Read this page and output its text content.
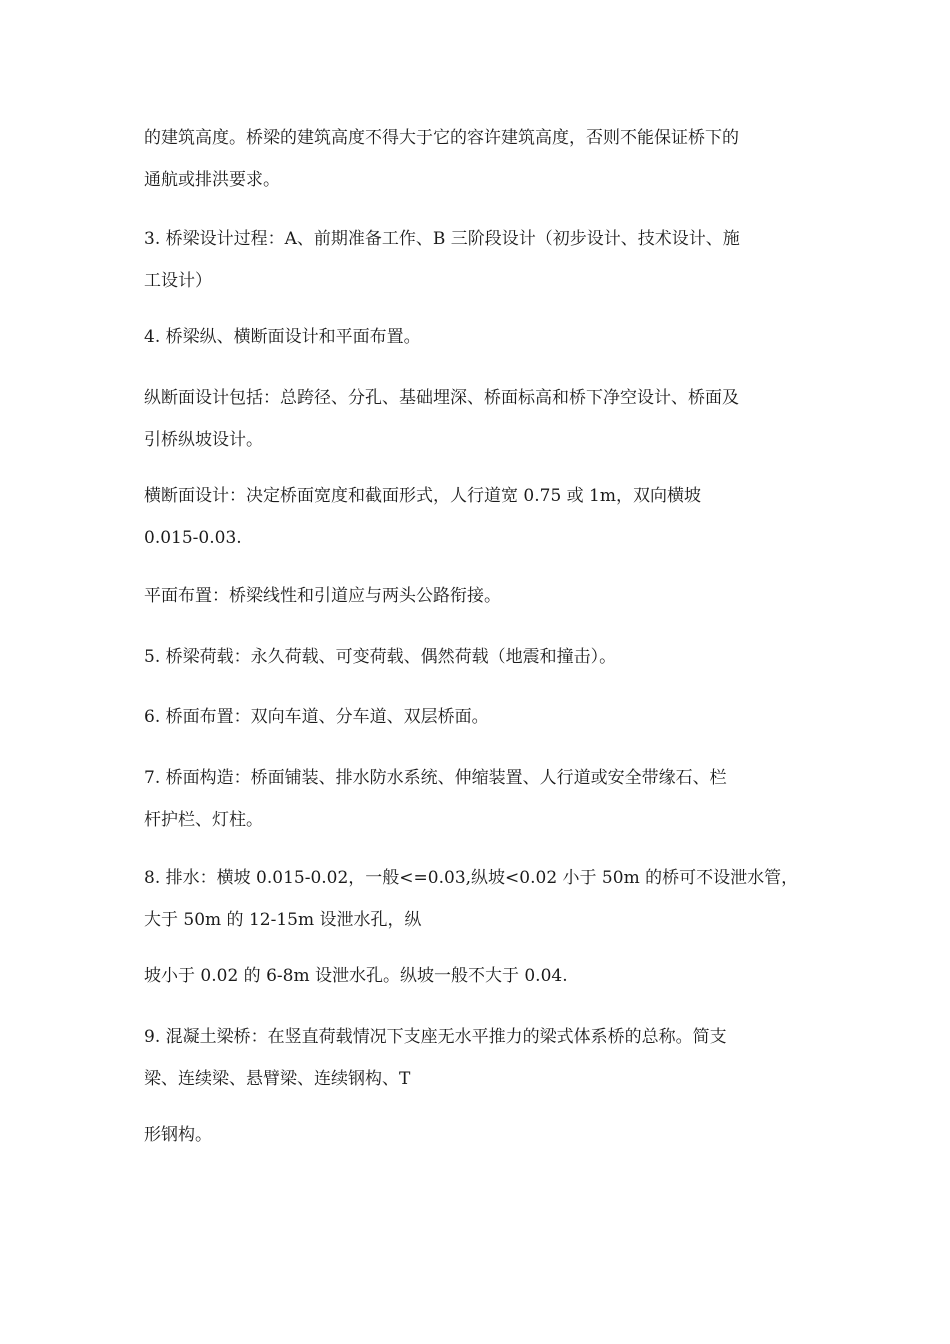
的建筑高度。桥梁的建筑高度不得大于它的容许建筑高度，否则不能保证桥下的
通航或排洪要求。

3. 桥梁设计过程：A、前期准备工作、B 三阶段设计（初步设计、技术设计、施
工设计）

4. 桥梁纵、横断面设计和平面布置。

纵断面设计包括：总跨径、分孔、基础埋深、桥面标高和桥下净空设计、桥面及
引桥纵坡设计。

横断面设计：决定桥面宽度和截面形式，人行道宽 0.75 或 1m，双向横坡
0.015-0.03.

平面布置：桥梁线性和引道应与两头公路衔接。

5. 桥梁荷载：永久荷载、可变荷载、偶然荷载（地震和撞击）。

6. 桥面布置：双向车道、分车道、双层桥面。

7. 桥面构造：桥面铺装、排水防水系统、伸缩装置、人行道或安全带缘石、栏
杆护栏、灯柱。

8. 排水：横坡 0.015-0.02，一般<=0.03,纵坡<0.02 小于 50m 的桥可不设泄水管，
大于 50m 的 12-15m 设泄水孔，纵

坡小于 0.02 的 6-8m 设泄水孔。纵坡一般不大于 0.04.

9. 混凝土梁桥：在竖直荷载情况下支座无水平推力的梁式体系桥的总称。简支
梁、连续梁、悬臂梁、连续钢构、T

形钢构。
